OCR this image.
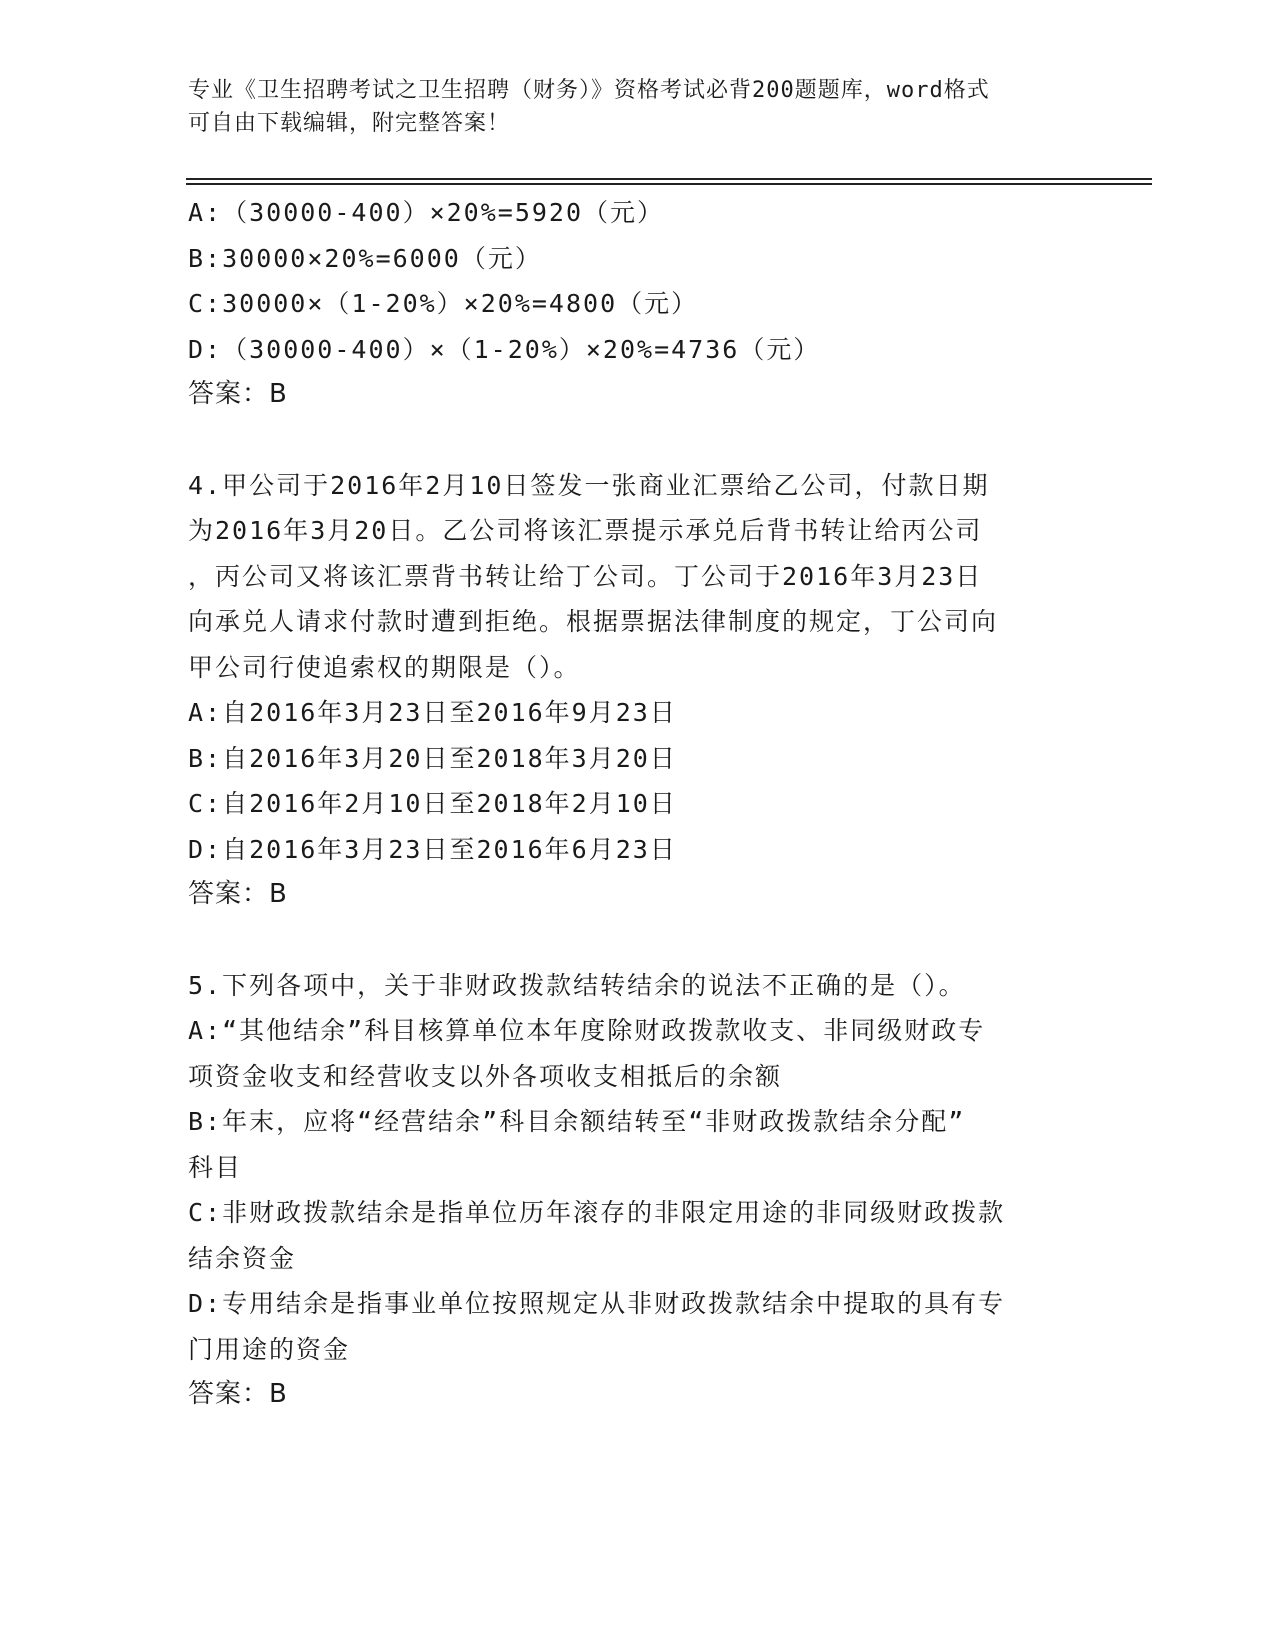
专业《卫生招聘考试之卫生招聘（财务）》资格考试必背200题题库，word格式
可自由下载编辑，附完整答案！
A:（30000-400）×20%=5920（元）
B:30000×20%=6000（元）
C:30000×（1-20%）×20%=4800（元）
D:（30000-400）×（1-20%）×20%=4736（元）
答案：B
4.甲公司于2016年2月10日签发一张商业汇票给乙公司，付款日期
为2016年3月20日。乙公司将该汇票提示承兑后背书转让给丙公司
，丙公司又将该汇票背书转让给丁公司。丁公司于2016年3月23日
向承兑人请求付款时遭到拒绝。根据票据法律制度的规定，丁公司向
甲公司行使追索权的期限是（）。
A:自2016年3月23日至2016年9月23日
B:自2016年3月20日至2018年3月20日
C:自2016年2月10日至2018年2月10日
D:自2016年3月23日至2016年6月23日
答案：B
5.下列各项中，关于非财政拨款结转结余的说法不正确的是（）。
A:“其他结余”科目核算单位本年度除财政拨款收支、非同级财政专
项资金收支和经营收支以外各项收支相抵后的余额
B:年末，应将“经营结余”科目余额结转至“非财政拨款结余分配”
科目
C:非财政拨款结余是指单位历年滚存的非限定用途的非同级财政拨款
结余资金
D:专用结余是指事业单位按照规定从非财政拨款结余中提取的具有专
门用途的资金
答案：B
